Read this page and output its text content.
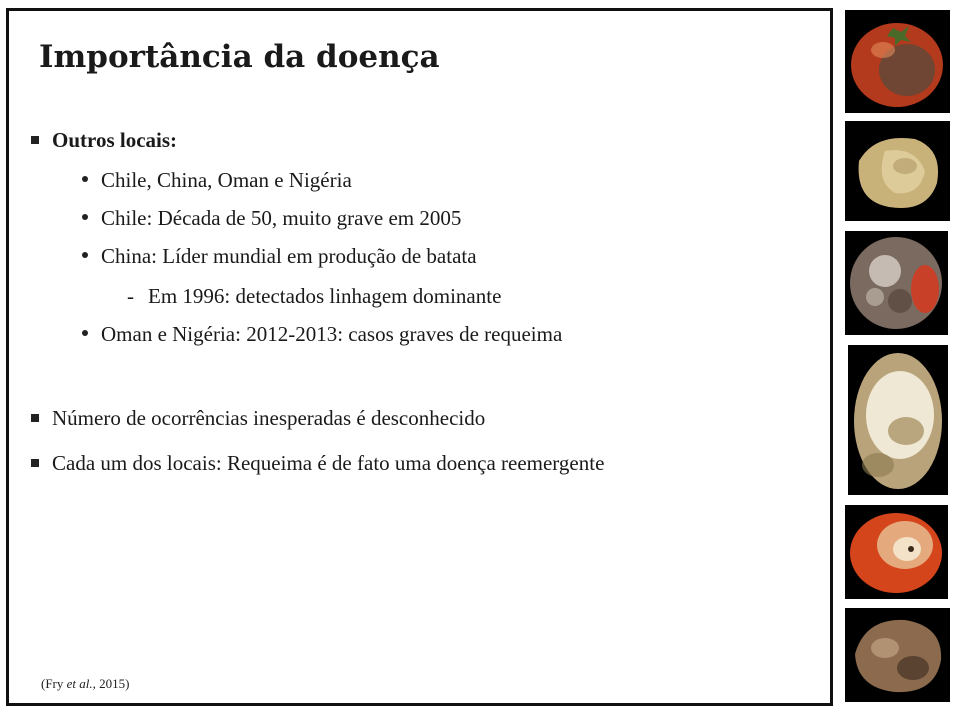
Importância da doença
Outros locais:
Chile, China, Oman e Nigéria
Chile: Década de 50, muito grave em 2005
China: Líder mundial em produção de batata
- Em 1996: detectados linhagem dominante
Oman e Nigéria: 2012-2013: casos graves de requeima
Número de ocorrências inesperadas é desconhecido
Cada um dos locais: Requeima é de fato uma doença reemergente
(Fry et al., 2015)
